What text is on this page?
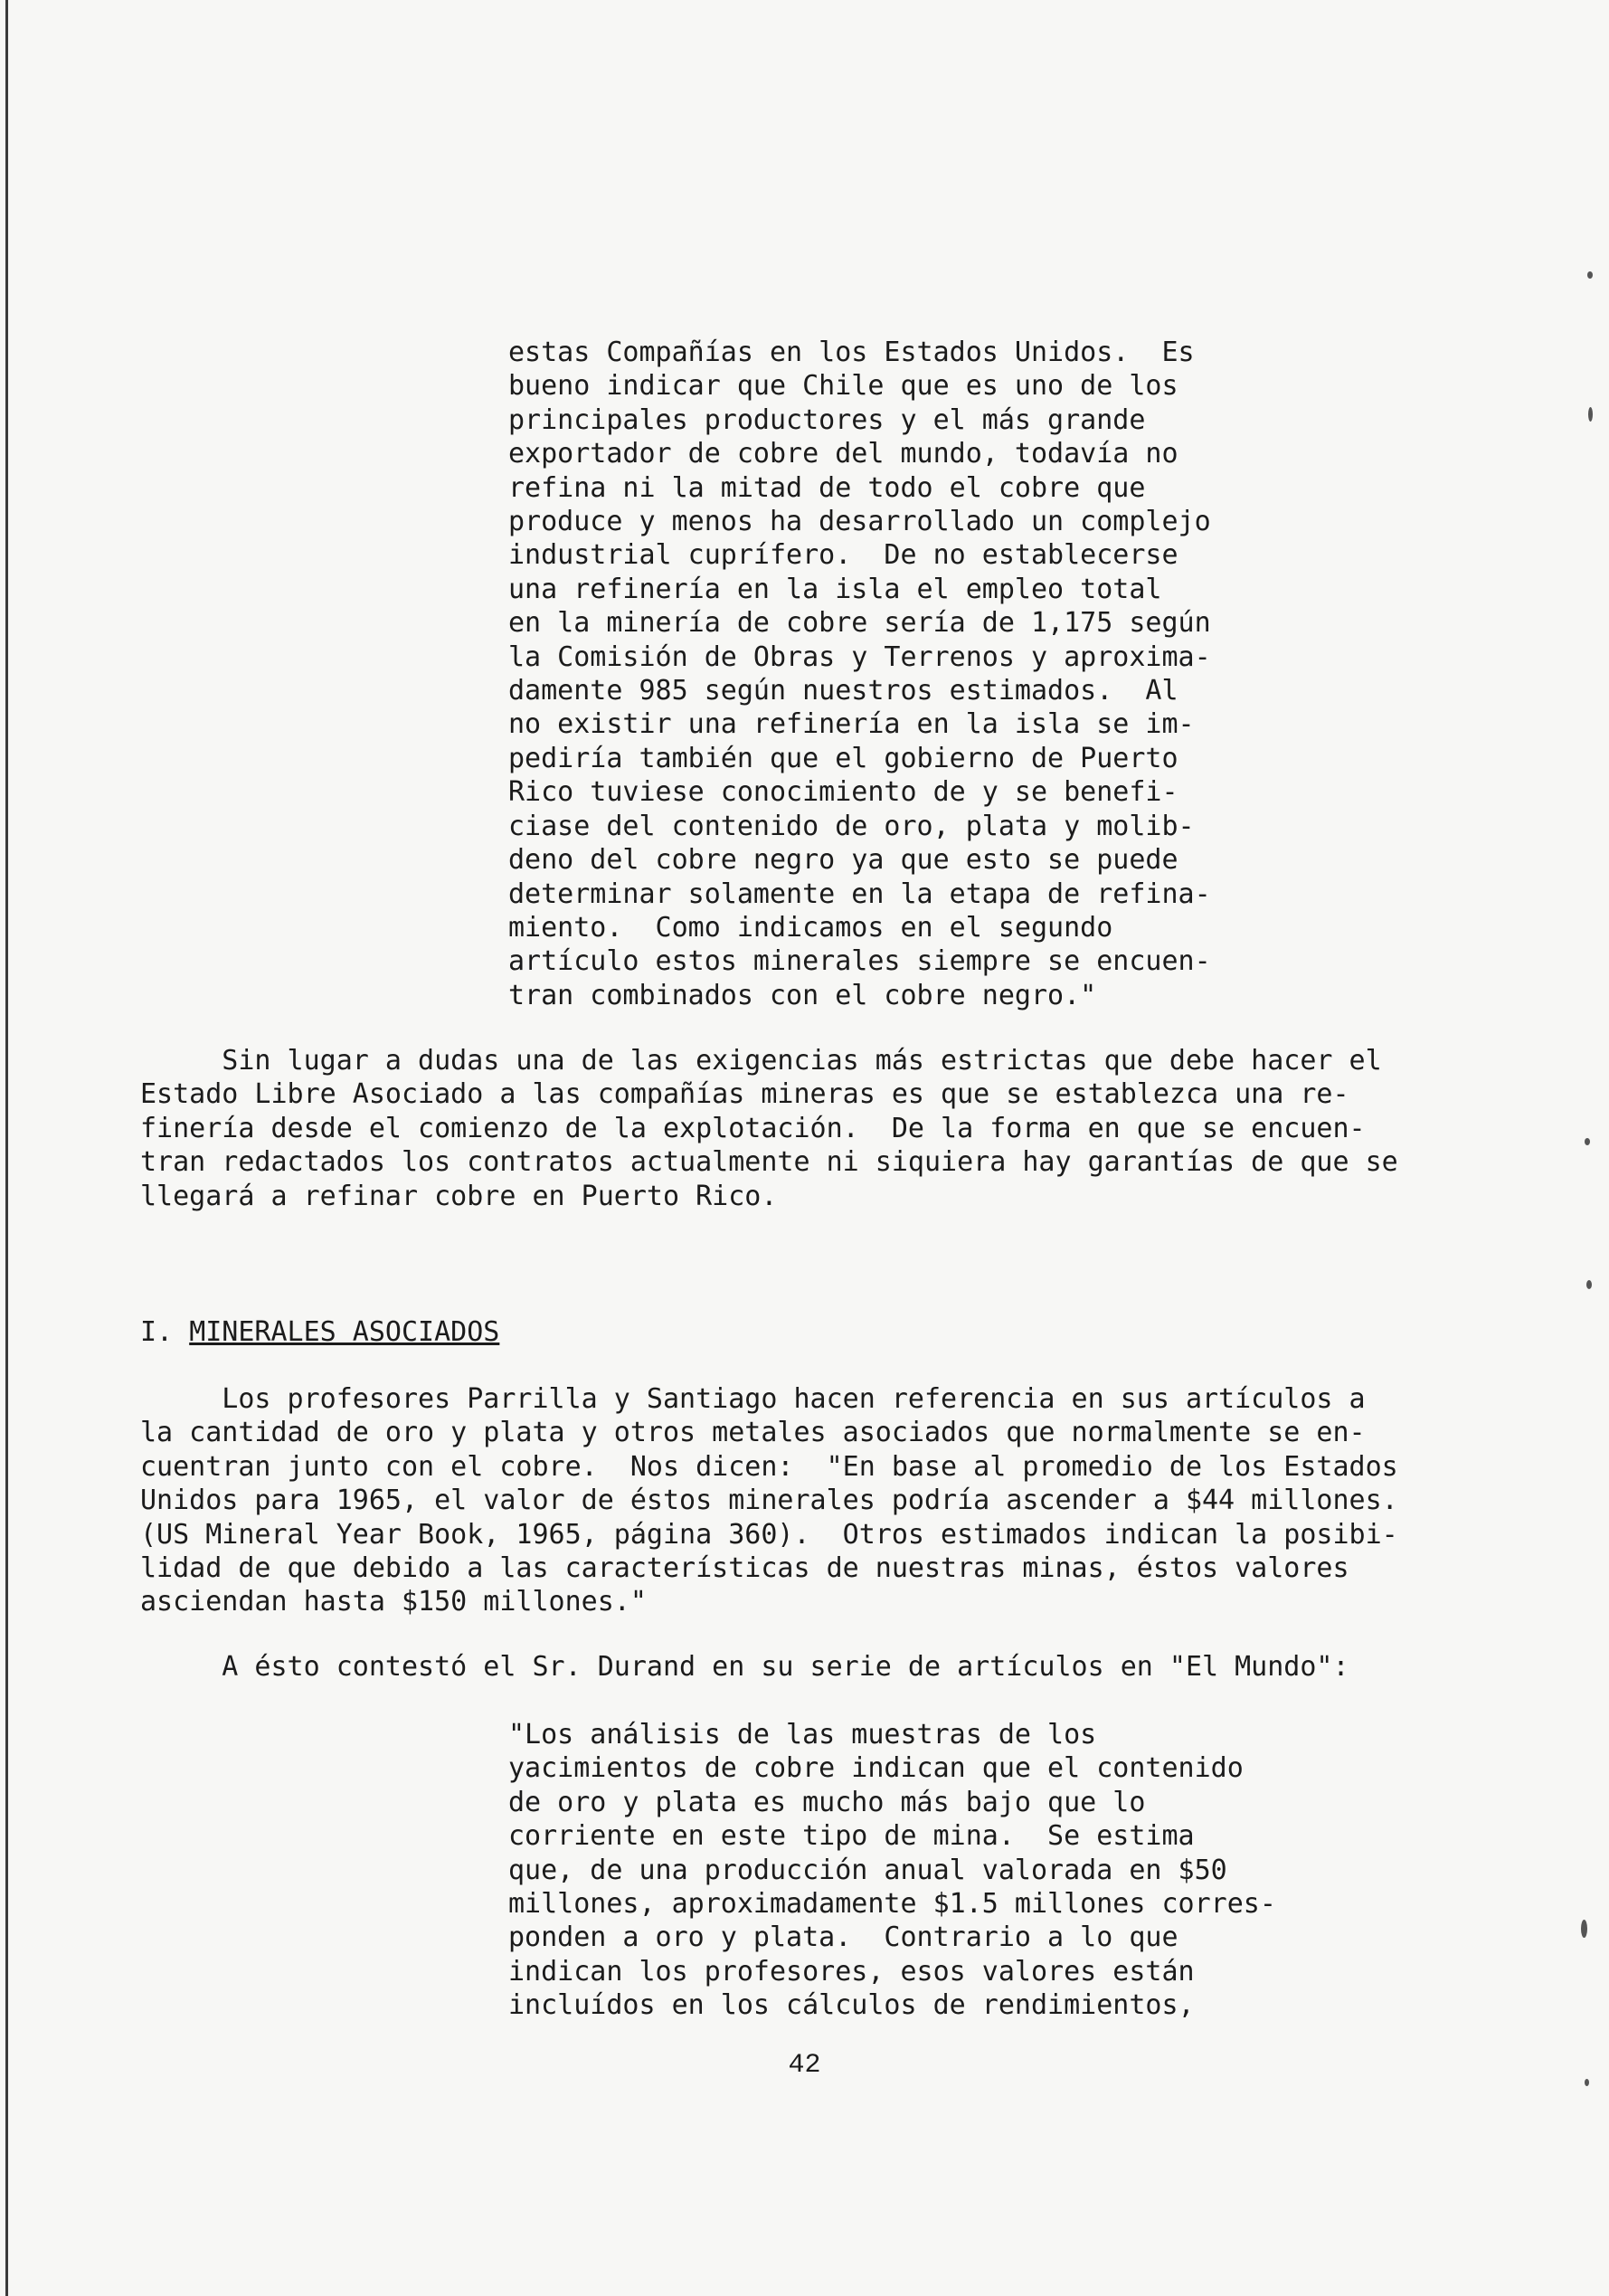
estas Compañías en los Estados Unidos.  Es
bueno indicar que Chile que es uno de los
principales productores y el más grande
exportador de cobre del mundo, todavía no
refina ni la mitad de todo el cobre que
produce y menos ha desarrollado un complejo
industrial cuprífero.  De no establecerse
una refinería en la isla el empleo total
en la minería de cobre sería de 1,175 según
la Comisión de Obras y Terrenos y aproxima-
damente 985 según nuestros estimados.  Al
no existir una refinería en la isla se im-
pediría también que el gobierno de Puerto
Rico tuviese conocimiento de y se benefi-
ciase del contenido de oro, plata y molib-
deno del cobre negro ya que esto se puede
determinar solamente en la etapa de refina-
miento.  Como indicamos en el segundo
artículo estos minerales siempre se encuen-
tran combinados con el cobre negro."
Sin lugar a dudas una de las exigencias más estrictas que debe hacer el
Estado Libre Asociado a las compañías mineras es que se establezca una re-
finería desde el comienzo de la explotación.  De la forma en que se encuen-
tran redactados los contratos actualmente ni siquiera hay garantías de que se
llegará a refinar cobre en Puerto Rico.
I. MINERALES ASOCIADOS
Los profesores Parrilla y Santiago hacen referencia en sus artículos a
la cantidad de oro y plata y otros metales asociados que normalmente se en-
cuentran junto con el cobre.  Nos dicen:  "En base al promedio de los Estados
Unidos para 1965, el valor de éstos minerales podría ascender a $44 millones.
(US Mineral Year Book, 1965, página 360).  Otros estimados indican la posibi-
lidad de que debido a las características de nuestras minas, éstos valores
asciendan hasta $150 millones."
A ésto contestó el Sr. Durand en su serie de artículos en "El Mundo":
"Los análisis de las muestras de los
yacimientos de cobre indican que el contenido
de oro y plata es mucho más bajo que lo
corriente en este tipo de mina.  Se estima
que, de una producción anual valorada en $50
millones, aproximadamente $1.5 millones corres-
ponden a oro y plata.  Contrario a lo que
indican los profesores, esos valores están
incluídos en los cálculos de rendimientos,
42
